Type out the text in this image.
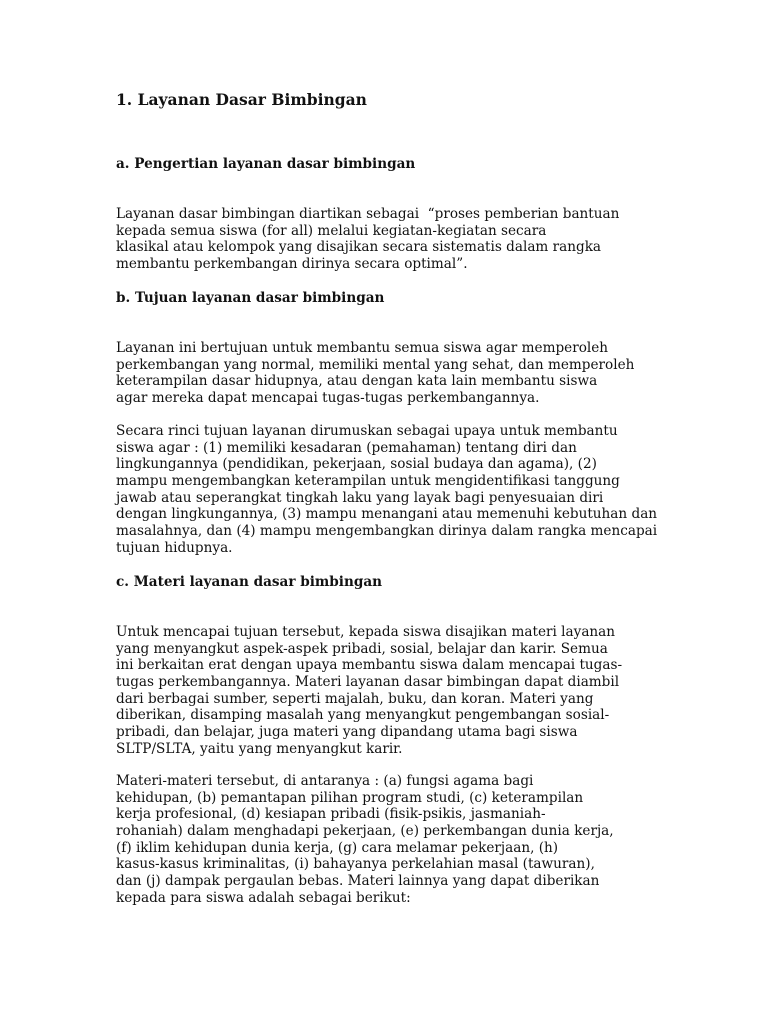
1. Layanan Dasar Bimbingan
a. Pengertian layanan dasar bimbingan
Layanan dasar bimbingan diartikan sebagai  “proses pemberian bantuan
kepada semua siswa (for all) melalui kegiatan-kegiatan secara
klasikal atau kelompok yang disajikan secara sistematis dalam rangka
membantu perkembangan dirinya secara optimal”.
b. Tujuan layanan dasar bimbingan
Layanan ini bertujuan untuk membantu semua siswa agar memperoleh
perkembangan yang normal, memiliki mental yang sehat, dan memperoleh
keterampilan dasar hidupnya, atau dengan kata lain membantu siswa
agar mereka dapat mencapai tugas-tugas perkembangannya.
Secara rinci tujuan layanan dirumuskan sebagai upaya untuk membantu
siswa agar : (1) memiliki kesadaran (pemahaman) tentang diri dan
lingkungannya (pendidikan, pekerjaan, sosial budaya dan agama), (2)
mampu mengembangkan keterampilan untuk mengidentifikasi tanggung
jawab atau seperangkat tingkah laku yang layak bagi penyesuaian diri
dengan lingkungannya, (3) mampu menangani atau memenuhi kebutuhan dan
masalahnya, dan (4) mampu mengembangkan dirinya dalam rangka mencapai
tujuan hidupnya.
c. Materi layanan dasar bimbingan
Untuk mencapai tujuan tersebut, kepada siswa disajikan materi layanan
yang menyangkut aspek-aspek pribadi, sosial, belajar dan karir. Semua
ini berkaitan erat dengan upaya membantu siswa dalam mencapai tugas-
tugas perkembangannya. Materi layanan dasar bimbingan dapat diambil
dari berbagai sumber, seperti majalah, buku, dan koran. Materi yang
diberikan, disamping masalah yang menyangkut pengembangan sosial-
pribadi, dan belajar, juga materi yang dipandang utama bagi siswa
SLTP/SLTA, yaitu yang menyangkut karir.
Materi-materi tersebut, di antaranya : (a) fungsi agama bagi
kehidupan, (b) pemantapan pilihan program studi, (c) keterampilan
kerja profesional, (d) kesiapan pribadi (fisik-psikis, jasmaniah-
rohaniah) dalam menghadapi pekerjaan, (e) perkembangan dunia kerja,
(f) iklim kehidupan dunia kerja, (g) cara melamar pekerjaan, (h)
kasus-kasus kriminalitas, (i) bahayanya perkelahian masal (tawuran),
dan (j) dampak pergaulan bebas. Materi lainnya yang dapat diberikan
kepada para siswa adalah sebagai berikut:
